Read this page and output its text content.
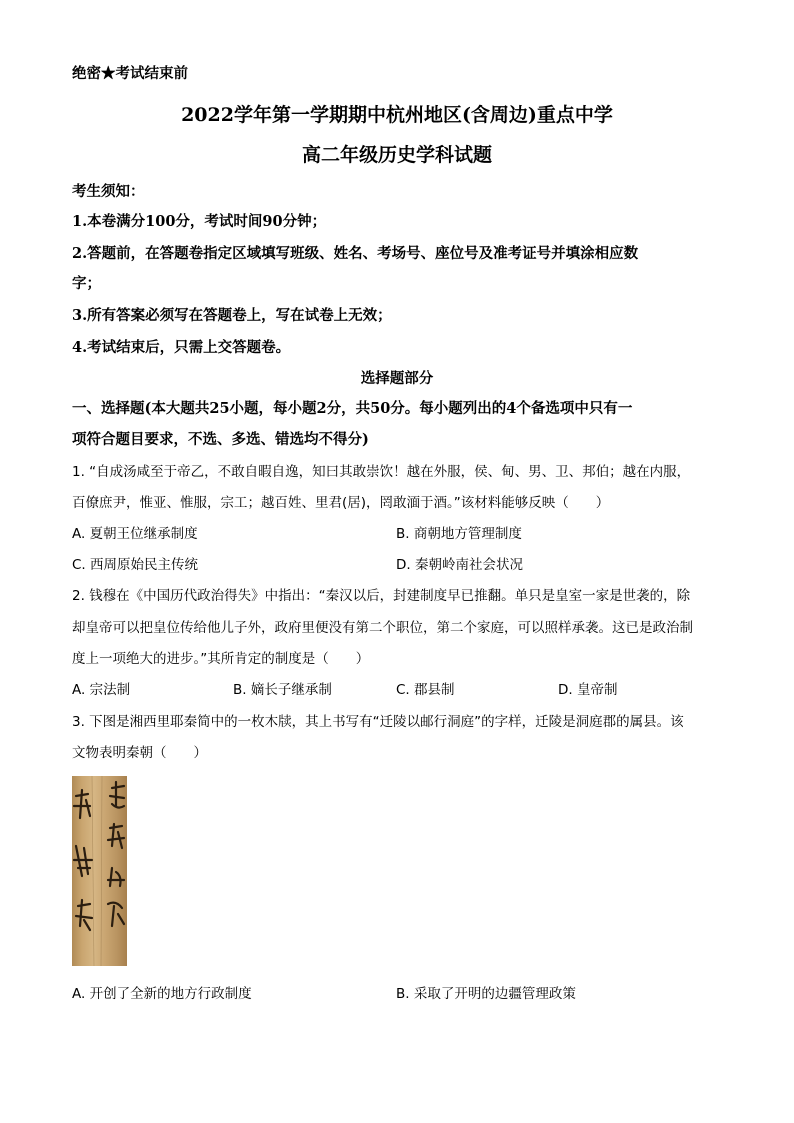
绝密★考试结束前
2022学年第一学期期中杭州地区(含周边)重点中学
高二年级历史学科试题
考生须知：
1.本卷满分100分，考试时间90分钟；
2.答题前，在答题卷指定区域填写班级、姓名、考场号、座位号及准考证号并填涂相应数
字；
3.所有答案必须写在答题卷上，写在试卷上无效；
4.考试结束后，只需上交答题卷。
选择题部分
一、选择题(本大题共25小题，每小题2分，共50分。每小题列出的4个备选项中只有一
项符合题目要求，不选、多选、错选均不得分)
1. “自成汤咸至于帝乙，不敢自暇自逸，知曰其敢崇饮！越在外服，侯、甸、男、卫、邦伯；越在内服，
百僚庶尹，惟亚、惟服，宗工；越百姓、里君(居)，罔敢湎于酒。”该材料能够反映（　　）
A. 夏朝王位继承制度	B. 商朝地方管理制度
C. 西周原始民主传统	D. 秦朝岭南社会状况
2. 钱穆在《中国历代政治得失》中指出：“秦汉以后，封建制度早已推翻。单只是皇室一家是世袭的，除
却皇帝可以把皇位传给他儿子外，政府里便没有第二个职位，第二个家庭，可以照样承袭。这已是政治制
度上一项绝大的进步。”其所肯定的制度是（　　）
A. 宗法制	B. 嫡长子继承制	C. 郡县制	D. 皇帝制
3. 下图是湘西里耶秦简中的一枚木牍，其上书写有“迁陵以邮行洞庭”的字样，迁陵是洞庭郡的属县。该
文物表明秦朝（　　）
A. 开创了全新的地方行政制度	B. 采取了开明的边疆管理政策
